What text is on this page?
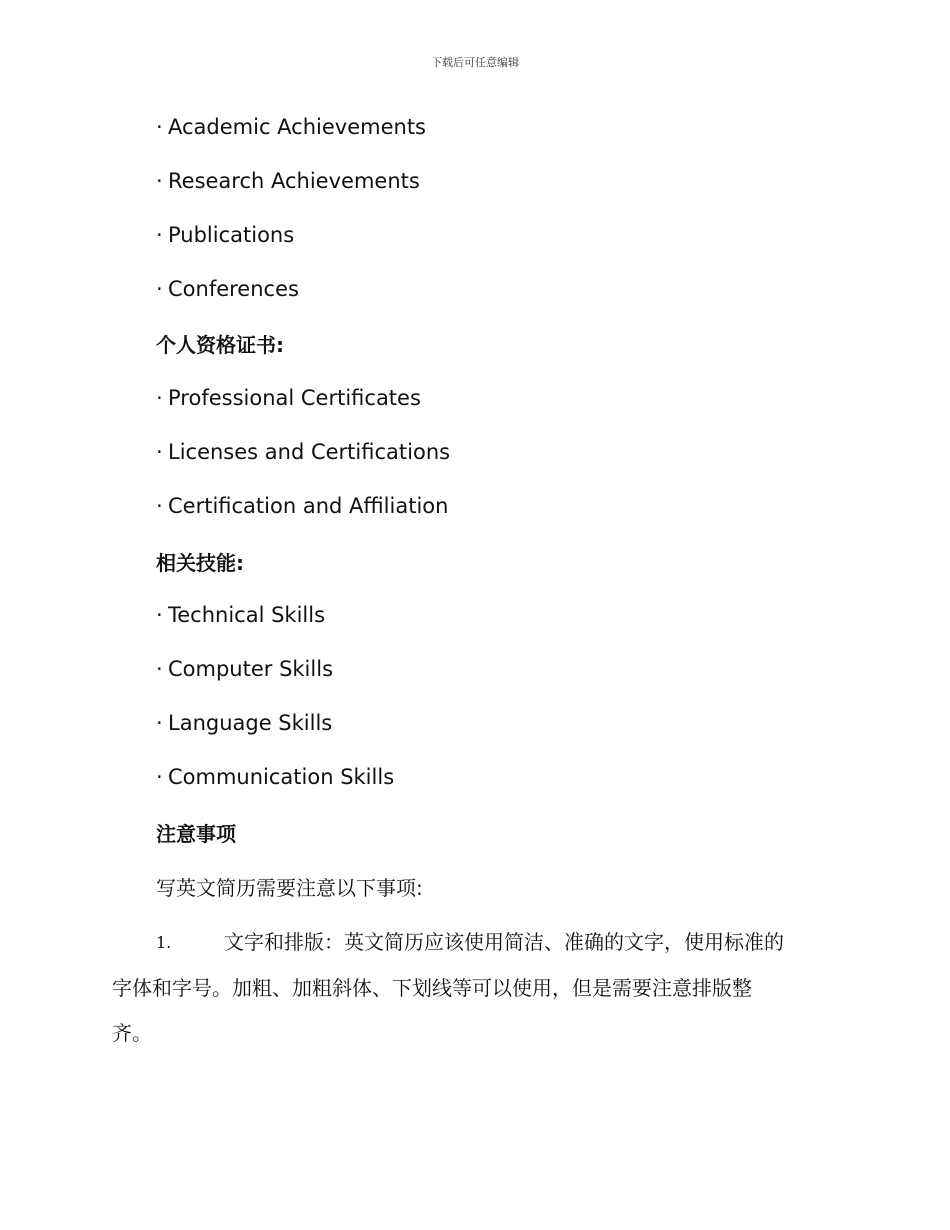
下载后可任意编辑
· Academic Achievements
· Research Achievements
· Publications
· Conferences
个人资格证书:
· Professional Certificates
· Licenses and Certifications
· Certification and Affiliation
相关技能:
· Technical Skills
· Computer Skills
· Language Skills
· Communication Skills
注意事项
写英文简历需要注意以下事项:
1.	文字和排版：英文简历应该使用简洁、准确的文字，使用标准的
字体和字号。加粗、加粗斜体、下划线等可以使用，但是需要注意排版整
齐。
